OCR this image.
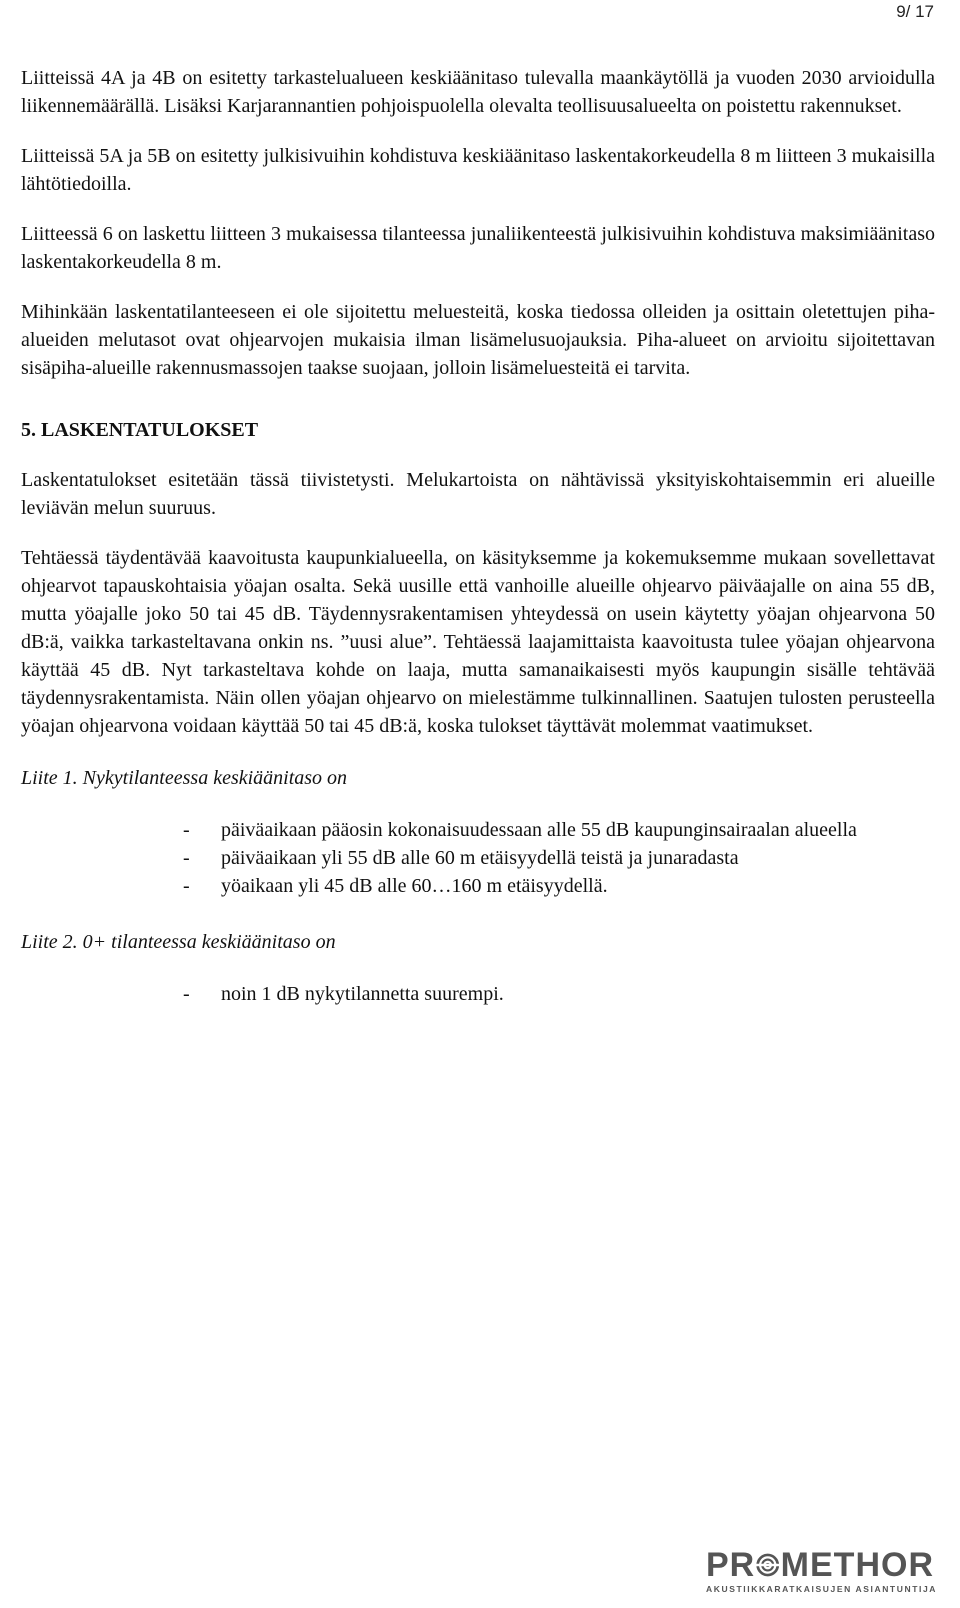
9/ 17

Liitteissä 4A ja 4B on esitetty tarkastelualueen keskiäänitaso tulevalla maankäytöllä ja vuoden 2030 arvioidulla liikennemäärällä. Lisäksi Karjarannantien pohjoispuolella olevalta teollisuusalueelta on poistettu rakennukset.

Liitteissä 5A ja 5B on esitetty julkisivuihin kohdistuva keskiäänitaso laskentakorkeudella 8 m liitteen 3 mukaisilla lähtötiedoilla.

Liitteessä 6 on laskettu liitteen 3 mukaisessa tilanteessa junaliikenteestä julkisivuihin kohdistuva maksimiäänitaso laskentakorkeudella 8 m.

Mihinkään laskentatilanteeseen ei ole sijoitettu meluesteitä, koska tiedossa olleiden ja osittain oletettujen piha-alueiden melutasot ovat ohjearvojen mukaisia ilman lisämelusuojauksia. Piha-alueet on arvioitu sijoitettavan sisäpiha-alueille rakennusmassojen taakse suojaan, jolloin lisämeluesteitä ei tarvita.

5. LASKENTATULOKSET

Laskentatulokset esitetään tässä tiivistetysti. Melukartoista on nähtävissä yksityiskohtaisemmin eri alueille leviävän melun suuruus.

Tehtäessä täydentävää kaavoitusta kaupunkialueella, on käsityksemme ja kokemuksemme mukaan sovellettavat ohjearvot tapauskohtaisia yöajan osalta. Sekä uusille että vanhoille alueille ohjearvo päiväajalle on aina 55 dB, mutta yöajalle joko 50 tai 45 dB. Täydennysrakentamisen yhteydessä on usein käytetty yöajan ohjearvona 50 dB:ä, vaikka tarkasteltavana onkin ns. ”uusi alue”. Tehtäessä laajamittaista kaavoitusta tulee yöajan ohjearvona käyttää 45 dB. Nyt tarkasteltava kohde on laaja, mutta samanaikaisesti myös kaupungin sisälle tehtävää täydennysrakentamista. Näin ollen yöajan ohjearvo on mielestämme tulkinnallinen. Saatujen tulosten perusteella yöajan ohjearvona voidaan käyttää 50 tai 45 dB:ä, koska tulokset täyttävät molemmat vaatimukset.

Liite 1. Nykytilanteessa keskiäänitaso on

- päiväaikaan pääosin kokonaisuudessaan alle 55 dB kaupunginsairaalan alueella
- päiväaikaan yli 55 dB alle 60 m etäisyydellä teistä ja junaradasta
- yöaikaan yli 45 dB alle 60…160 m etäisyydellä.

Liite 2. 0+ tilanteessa keskiäänitaso on

- noin 1 dB nykytilannetta suurempi.
PR METHOR
AKUSTIIKKARATKAISUJEN ASIANTUNTIJA
